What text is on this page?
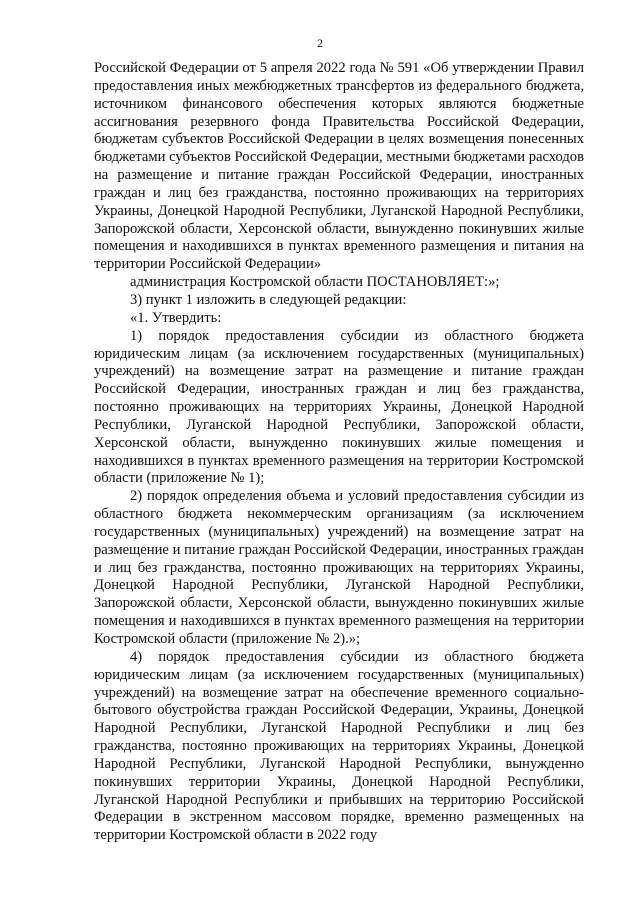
2

Российской Федерации от 5 апреля 2022 года № 591 «Об утверждении Правил предоставления иных межбюджетных трансфертов из федерального бюджета, источником финансового обеспечения которых являются бюджетные ассигнования резервного фонда Правительства Российской Федерации, бюджетам субъектов Российской Федерации в целях возмещения понесенных бюджетами субъектов Российской Федерации, местными бюджетами расходов на размещение и питание граждан Российской Федерации, иностранных граждан и лиц без гражданства, постоянно проживающих на территориях Украины, Донецкой Народной Республики, Луганской Народной Республики, Запорожской области, Херсонской области, вынужденно покинувших жилые помещения и находившихся в пунктах временного размещения и питания на территории Российской Федерации»

администрация Костромской области ПОСТАНОВЛЯЕТ:»;

3) пункт 1 изложить в следующей редакции:

«1. Утвердить:

1) порядок предоставления субсидии из областного бюджета юридическим лицам (за исключением государственных (муниципальных) учреждений) на возмещение затрат на размещение и питание граждан Российской Федерации, иностранных граждан и лиц без гражданства, постоянно проживающих на территориях Украины, Донецкой Народной Республики, Луганской Народной Республики, Запорожской области, Херсонской области, вынужденно покинувших жилые помещения и находившихся в пунктах временного размещения на территории Костромской области (приложение № 1);

2) порядок определения объема и условий предоставления субсидии из областного бюджета некоммерческим организациям (за исключением государственных (муниципальных) учреждений) на возмещение затрат на размещение и питание граждан Российской Федерации, иностранных граждан и лиц без гражданства, постоянно проживающих на территориях Украины, Донецкой Народной Республики, Луганской Народной Республики, Запорожской области, Херсонской области, вынужденно покинувших жилые помещения и находившихся в пунктах временного размещения на территории Костромской области (приложение № 2).»;

4) порядок предоставления субсидии из областного бюджета юридическим лицам (за исключением государственных (муниципальных) учреждений) на возмещение затрат на обеспечение временного социально-бытового обустройства граждан Российской Федерации, Украины, Донецкой Народной Республики, Луганской Народной Республики и лиц без гражданства, постоянно проживающих на территориях Украины, Донецкой Народной Республики, Луганской Народной Республики, вынужденно покинувших территории Украины, Донецкой Народной Республики, Луганской Народной Республики и прибывших на территорию Российской Федерации в экстренном массовом порядке, временно размещенных на территории Костромской области в 2022 году
